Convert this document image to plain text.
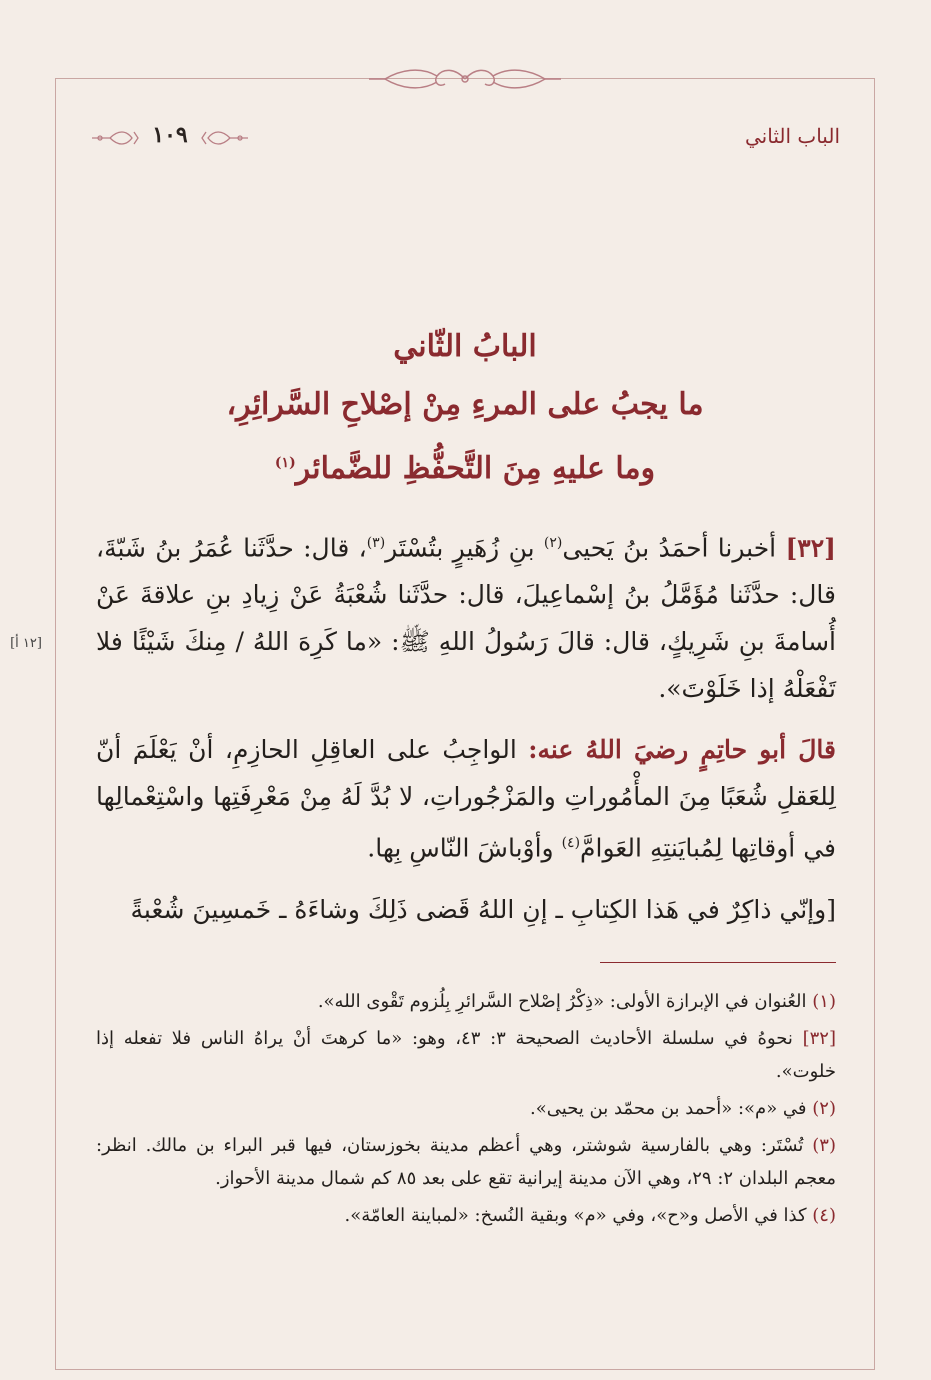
الباب الثاني
١٠٩
البابُ الثّاني
ما يجبُ على المرءِ مِنْ إصْلاحِ السَّرائِرِ،
وما عليهِ مِنَ التَّحفُّظِ للضَّمائر$^{(١)}$
[١٢ أ]

[٣٢] أخبرنا أحمَدُ بنُ يَحيى$^{(٢)}$ بنِ زُهَيرٍ بتُسْتَر$^{(٣)}$، قال: حدَّثَنا عُمَرُ بنُ شَبّةَ، قال: حدَّثَنا مُؤَمَّلُ بنُ إسْماعِيلَ، قال: حدَّثَنا شُعْبَةُ عَنْ زِيادِ بنِ علاقةَ عَنْ أُسامةَ بنِ شَرِيكٍ، قال: قالَ رَسُولُ اللهِ ﷺ: «ما كَرِهَ اللهُ / مِنكَ شَيْئًا فلا تَفْعَلْهُ إذا خَلَوْتَ».

قالَ أبو حاتِمٍ رضيَ اللهُ عنه: الواجِبُ على العاقِلِ الحازِمِ، أنْ يَعْلَمَ أنّ لِلعَقلِ شُعَبًا مِنَ المأْمُوراتِ والمَزْجُوراتِ، لا بُدَّ لَهُ مِنْ مَعْرِفَتِها واسْتِعْمالِها في أوقاتِها لِمُبايَنتِهِ العَوامَّ$^{(٤)}$ وأوْباشَ النّاسِ بِها.

[وإنّي ذاكِرٌ في هَذا الكِتابِ ـ إنِ اللهُ قَضى ذَلِكَ وشاءَهُ ـ خَمسِينَ شُعْبةً

(١) العُنوان في الإبرازة الأولى: «ذِكْرُ إصْلاح السَّرائرِ بِلُزوم تَقْوى الله».

[٣٢] نحوهُ في سلسلة الأحاديث الصحيحة ٣: ٤٣، وهو: «ما كرهتَ أنْ يراهُ الناس فلا تفعله إذا خلوت».

(٢) في «م»: «أحمد بن محمّد بن يحيى».

(٣) تُسْتَر: وهي بالفارسية شوشتر، وهي أعظم مدينة بخوزستان، فيها قبر البراء بن مالك. انظر: معجم البلدان ٢: ٢٩، وهي الآن مدينة إيرانية تقع على بعد ٨٥ كم شمال مدينة الأحواز.

(٤) كذا في الأصل و«ح»، وفي «م» وبقية النُسخ: «لمباينة العامّة».
